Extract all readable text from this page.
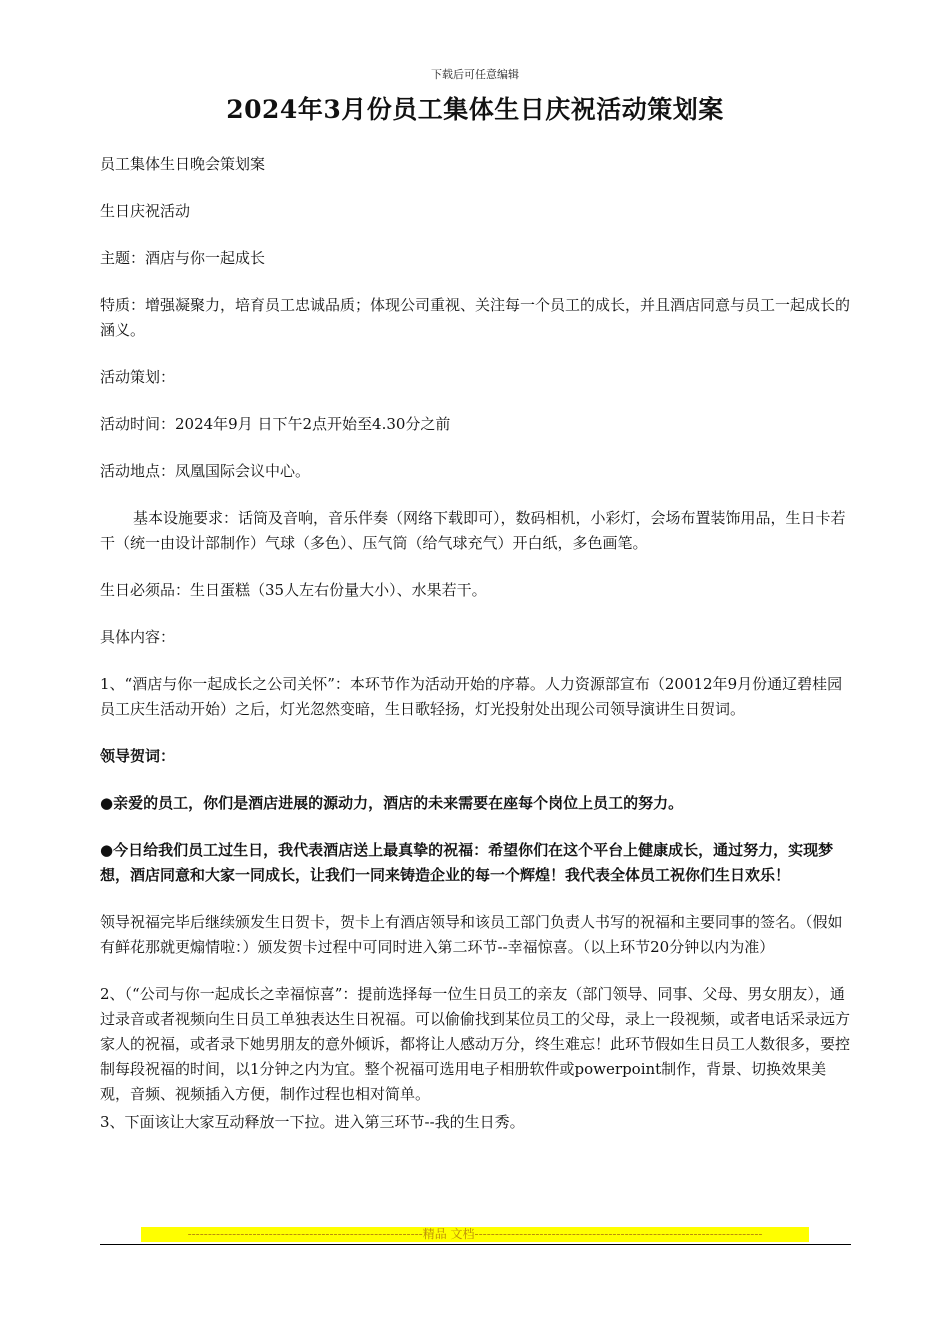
下载后可任意编辑
2024年3月份员工集体生日庆祝活动策划案

员工集体生日晚会策划案

生日庆祝活动

主题：酒店与你一起成长

特质：增强凝聚力，培育员工忠诚品质；体现公司重视、关注每一个员工的成长，并且酒店同意与员工一起成长的涵义。

活动策划：

活动时间：2024年9月 日下午2点开始至4.30分之前

活动地点：凤凰国际会议中心。

基本设施要求：话筒及音响，音乐伴奏（网络下载即可），数码相机，小彩灯，会场布置装饰用品，生日卡若干（统一由设计部制作）气球（多色）、压气筒（给气球充气）开白纸，多色画笔。

生日必须品：生日蛋糕（35人左右份量大小）、水果若干。

具体内容：

1、“酒店与你一起成长之公司关怀”：本环节作为活动开始的序幕。人力资源部宣布（20012年9月份通辽碧桂园员工庆生活动开始）之后，灯光忽然变暗，生日歌轻扬，灯光投射处出现公司领导演讲生日贺词。

领导贺词：

●亲爱的员工，你们是酒店进展的源动力，酒店的未来需要在座每个岗位上员工的努力。

●今日给我们员工过生日，我代表酒店送上最真挚的祝福：希望你们在这个平台上健康成长，通过努力，实现梦想，酒店同意和大家一同成长，让我们一同来铸造企业的每一个辉煌！我代表全体员工祝你们生日欢乐！

领导祝福完毕后继续颁发生日贺卡，贺卡上有酒店领导和该员工部门负责人书写的祝福和主要同事的签名。（假如有鲜花那就更煽情啦：）颁发贺卡过程中可同时进入第二环节--幸福惊喜。（以上环节20分钟以内为准）

2、（“公司与你一起成长之幸福惊喜”：提前选择每一位生日员工的亲友（部门领导、同事、父母、男女朋友），通过录音或者视频向生日员工单独表达生日祝福。可以偷偷找到某位员工的父母，录上一段视频，或者电话采录远方家人的祝福，或者录下她男朋友的意外倾诉，都将让人感动万分，终生难忘！此环节假如生日员工人数很多，要控制每段祝福的时间，以1分钟之内为宜。整个祝福可选用电子相册软件或powerpoint制作，背景、切换效果美观，音频、视频插入方便，制作过程也相对简单。

3、下面该让大家互动释放一下拉。进入第三环节--我的生日秀。

----------------------------------------------------------精品 文档-----------------------------------------------------------------------
